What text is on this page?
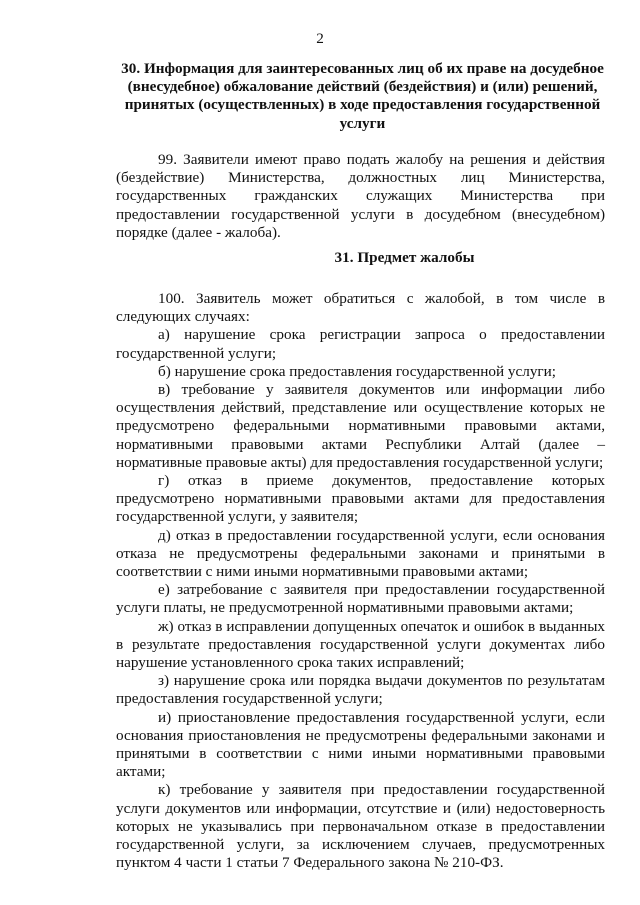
2
30. Информация для заинтересованных лиц об их праве на досудебное (внесудебное) обжалование действий (бездействия) и (или) решений, принятых (осуществленных) в ходе предоставления государственной услуги

99. Заявители имеют право подать жалобу на решения и действия (бездействие) Министерства, должностных лиц Министерства, государственных гражданских служащих Министерства при предоставлении государственной услуги в досудебном (внесудебном) порядке (далее - жалоба).

31. Предмет жалобы

100. Заявитель может обратиться с жалобой, в том числе в следующих случаях:

а) нарушение срока регистрации запроса о предоставлении государственной услуги;

б) нарушение срока предоставления государственной услуги;

в) требование у заявителя документов или информации либо осуществления действий, представление или осуществление которых не предусмотрено федеральными нормативными правовыми актами, нормативными правовыми актами Республики Алтай (далее – нормативные правовые акты) для предоставления государственной услуги;

г) отказ в приеме документов, предоставление которых предусмотрено нормативными правовыми актами для предоставления государственной услуги, у заявителя;

д) отказ в предоставлении государственной услуги, если основания отказа не предусмотрены федеральными законами и принятыми в соответствии с ними иными нормативными правовыми актами;

е) затребование с заявителя при предоставлении государственной услуги платы, не предусмотренной нормативными правовыми актами;

ж) отказ в исправлении допущенных опечаток и ошибок в выданных в результате предоставления государственной услуги документах либо нарушение установленного срока таких исправлений;

з) нарушение срока или порядка выдачи документов по результатам предоставления государственной услуги;

и) приостановление предоставления государственной услуги, если основания приостановления не предусмотрены федеральными законами и принятыми в соответствии с ними иными нормативными правовыми актами;

к) требование у заявителя при предоставлении государственной услуги документов или информации, отсутствие и (или) недостоверность которых не указывались при первоначальном отказе в предоставлении государственной услуги, за исключением случаев, предусмотренных пунктом 4 части 1 статьи 7 Федерального закона № 210-ФЗ.
